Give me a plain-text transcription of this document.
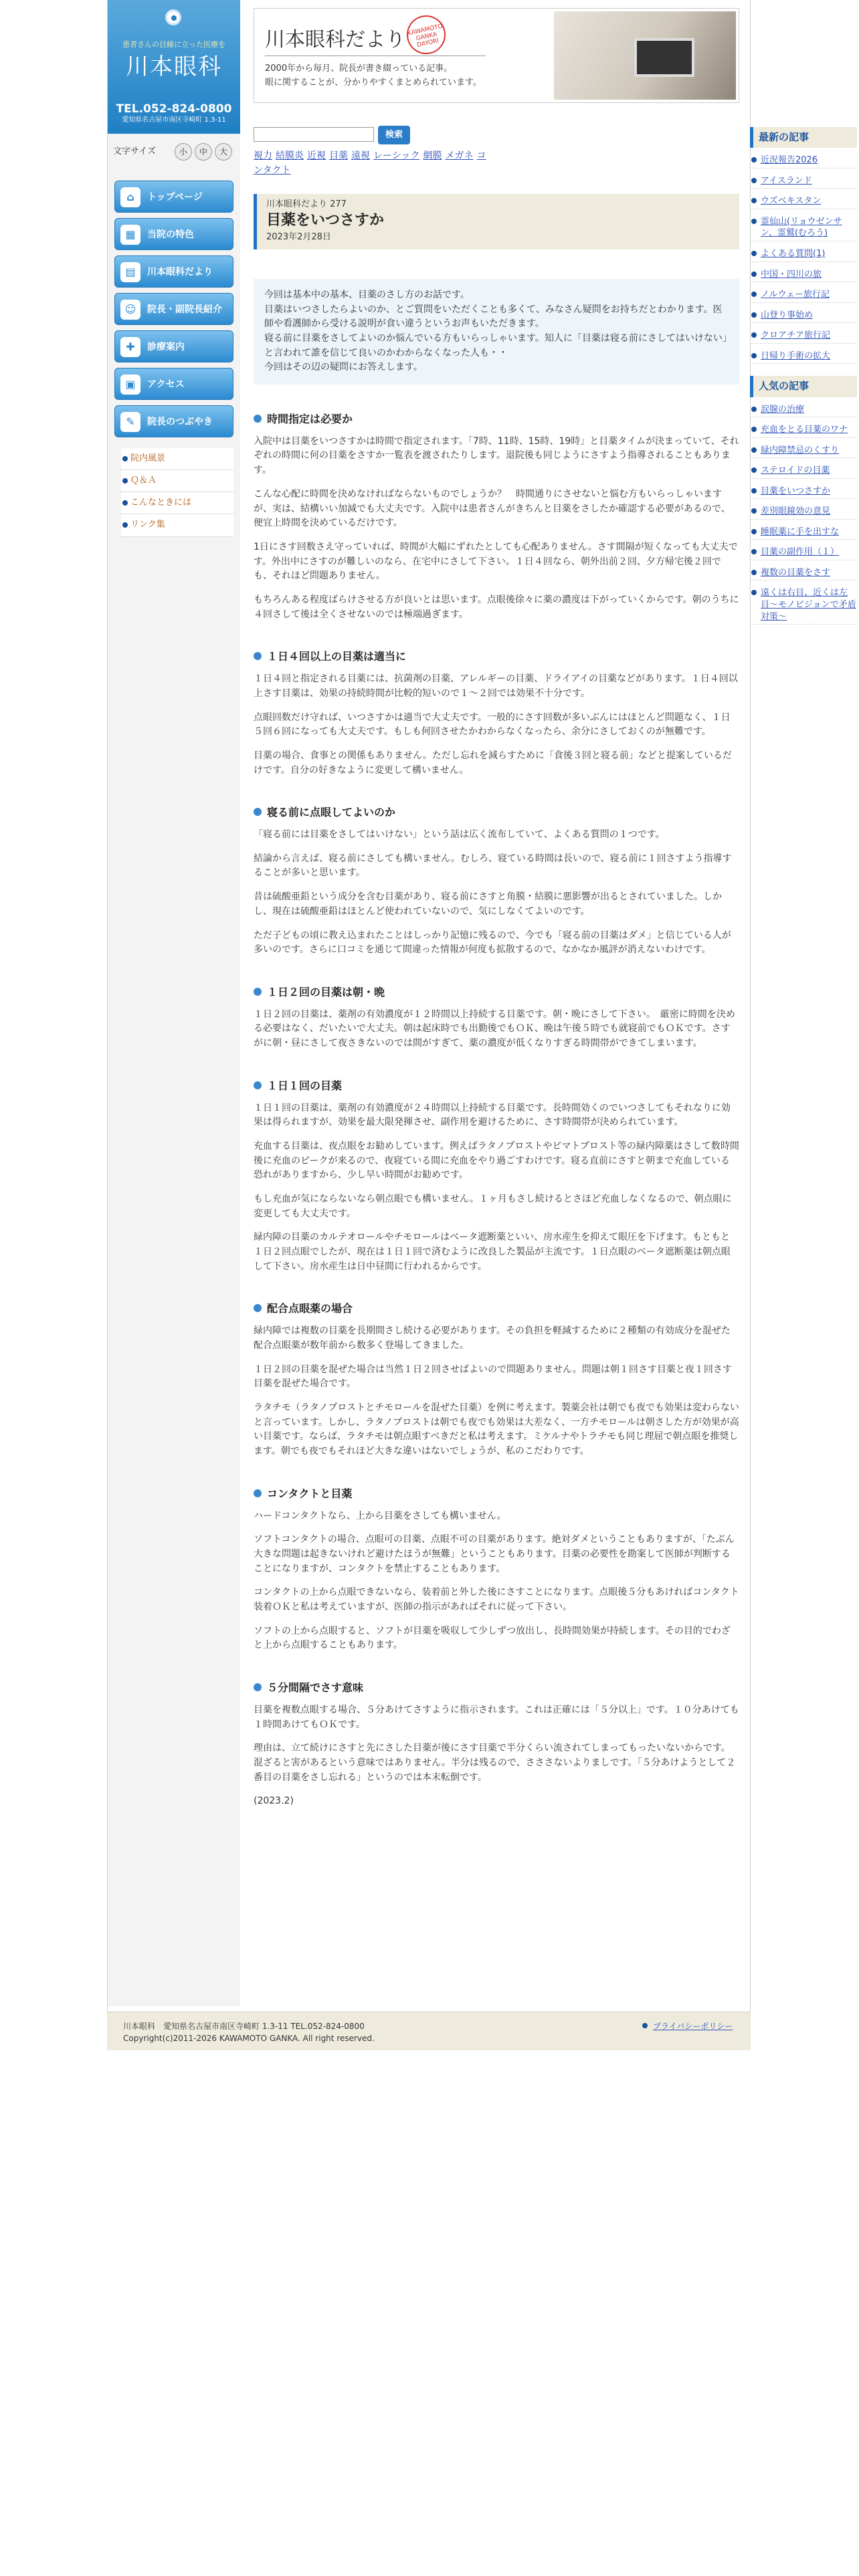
患者さんの目線に立った医療を
川本眼科
TEL.052-824-0800
愛知県名古屋市南区寺崎町 1.3-11
文字サイズ	小	中	大
⌂	トップページ
▦	当院の特色
▤	川本眼科だより
☺	院長・副院長紹介
✚	診療案内
▣	アクセス
✎	院長のつぶやき
院内風景
Ｑ＆Ａ
こんなときには
リンク集
川本眼科だより KAWAMOTO GANKA DAYORI
2000年から毎月、院長が書き綴っている記事。
眼に関することが、分かりやすくまとめられています。
検索
視力 結膜炎 近視 目薬 遠視 レーシック 網膜 メガネ コンタクト
川本眼科だより 277
目薬をいつさすか
2023年2月28日
今回は基本中の基本、目薬のさし方のお話です。
目薬はいつさしたらよいのか、とご質問をいただくことも多くて、みなさん疑問をお持ちだとわかります。医師や看護師から受ける説明が食い違うというお声もいただきます。
寝る前に目薬をさしてよいのか悩んでいる方もいらっしゃいます。知人に「目薬は寝る前にさしてはいけない」と言われて誰を信じて良いのかわからなくなった人も・・
今回はその辺の疑問にお答えします。
時間指定は必要か

入院中は目薬をいつさすかは時間で指定されます。「7時、11時、15時、19時」と目薬タイムが決まっていて、それぞれの時間に何の目薬をさすか一覧表を渡されたりします。退院後も同じようにさすよう指導されることもあります。

こんな心配に時間を決めなければならないものでしょうか？　時間通りにさせないと悩む方もいらっしゃいますが、実は、結構いい加減でも大丈夫です。入院中は患者さんがきちんと目薬をさしたか確認する必要があるので、便宜上時間を決めているだけです。

1日にさす回数さえ守っていれば、時間が大幅にずれたとしても心配ありません。さす間隔が短くなっても大丈夫です。外出中にさすのが難しいのなら、在宅中にさして下さい。１日４回なら、朝外出前２回、夕方帰宅後２回でも、それほど問題ありません。

もちろんある程度ばらけさせる方が良いとは思います。点眼後徐々に薬の濃度は下がっていくからです。朝のうちに４回さして後は全くさせないのでは極端過ぎます。

１日４回以上の目薬は適当に

１日４回と指定される目薬には、抗菌剤の目薬、アレルギーの目薬、ドライアイの目薬などがあります。１日４回以上さす目薬は、効果の持続時間が比較的短いので１～２回では効果不十分です。

点眼回数だけ守れば、いつさすかは適当で大丈夫です。一般的にさす回数が多いぶんにはほとんど問題なく、１日５回６回になっても大丈夫です。もしも何回させたかわからなくなったら、余分にさしておくのが無難です。

目薬の場合、食事との関係もありません。ただし忘れを減らすために「食後３回と寝る前」などと提案しているだけです。自分の好きなように変更して構いません。

寝る前に点眼してよいのか

「寝る前には目薬をさしてはいけない」という話は広く流布していて、よくある質問の１つです。

結論から言えば、寝る前にさしても構いません。むしろ、寝ている時間は長いので、寝る前に１回さすよう指導することが多いと思います。

昔は硫酸亜鉛という成分を含む目薬があり、寝る前にさすと角膜・結膜に悪影響が出るとされていました。しかし、現在は硫酸亜鉛はほとんど使われていないので、気にしなくてよいのです。

ただ子どもの頃に教え込まれたことはしっかり記憶に残るので、今でも「寝る前の目薬はダメ」と信じている人が多いのです。さらに口コミを通じて間違った情報が何度も拡散するので、なかなか風評が消えないわけです。

１日２回の目薬は朝・晩

１日２回の目薬は、薬剤の有効濃度が１２時間以上持続する目薬です。朝・晩にさして下さい。　厳密に時間を決める必要はなく、だいたいで大丈夫。朝は起床時でも出勤後でもＯＫ、晩は午後５時でも就寝前でもＯＫです。さすがに朝・昼にさして夜さきないのでは間がすぎて、薬の濃度が低くなりすぎる時間帯ができてしまいます。

１日１回の目薬

１日１回の目薬は、薬剤の有効濃度が２４時間以上持続する目薬です。長時間効くのでいつさしてもそれなりに効果は得られますが、効果を最大限発揮させ、副作用を避けるために、さす時間帯が決められています。

充血する目薬は、夜点眼をお勧めしています。例えばラタノプロストやビマトプロスト等の緑内障薬はさして数時間後に充血のピークが来るので、夜寝ている間に充血をやり過ごすわけです。寝る直前にさすと朝まで充血している恐れがありますから、少し早い時間がお勧めです。

もし充血が気にならないなら朝点眼でも構いません。１ヶ月もさし続けるとさほど充血しなくなるので、朝点眼に変更しても大丈夫です。

緑内障の目薬のカルテオロールやチモロールはベータ遮断薬といい、房水産生を抑えて眼圧を下げます。もともと１日２回点眼でしたが、現在は１日１回で済むように改良した製品が主流です。１日点眼のベータ遮断薬は朝点眼して下さい。房水産生は日中昼間に行われるからです。

配合点眼薬の場合

緑内障では複数の目薬を長期間さし続ける必要があります。その負担を軽減するために２種類の有効成分を混ぜた配合点眼薬が数年前から数多く登場してきました。

１日２回の目薬を混ぜた場合は当然１日２回させばよいので問題ありません。問題は朝１回さす目薬と夜１回さす目薬を混ぜた場合です。

ラタチモ（ラタノプロストとチモロールを混ぜた目薬）を例に考えます。製薬会社は朝でも夜でも効果は変わらないと言っています。しかし、ラタノプロストは朝でも夜でも効果は大差なく、一方チモロールは朝さした方が効果が高い目薬です。ならば、ラタチモは朝点眼すべきだと私は考えます。ミケルナやトラチモも同じ理屈で朝点眼を推奨します。朝でも夜でもそれほど大きな違いはないでしょうが、私のこだわりです。

コンタクトと目薬

ハードコンタクトなら、上から目薬をさしても構いません。

ソフトコンタクトの場合、点眼可の目薬、点眼不可の目薬があります。絶対ダメということもありますが、「たぶん大きな問題は起きないけれど避けたほうが無難」ということもあります。目薬の必要性を勘案して医師が判断することになりますが、コンタクトを禁止することもあります。

コンタクトの上から点眼できないなら、装着前と外した後にさすことになります。点眼後５分もあければコンタクト装着ＯＫと私は考えていますが、医師の指示があればそれに従って下さい。

ソフトの上から点眼すると、ソフトが目薬を吸収して少しずつ放出し、長時間効果が持続します。その目的でわざと上から点眼することもあります。

５分間隔でさす意味

目薬を複数点眼する場合、５分あけてさすように指示されます。これは正確には「５分以上」です。１０分あけても１時間あけてもＯＫです。

理由は、立て続けにさすと先にさした目薬が後にさす目薬で半分くらい流されてしまってもったいないからです。混ざると害があるという意味ではありません。半分は残るので、さささないよりましです。「５分あけようとして２番目の目薬をさし忘れる」というのでは本末転倒です。

(2023.2)
最新の記事
近況報告2026
アイスランド
ウズベキスタン
霊仙山(リョウゼンサン、霊鷲(むろう)
よくある質問(1)
中国・四川の旅
ノルウェー旅行記
山登り事始め
クロアチア旅行記
日帰り手術の拡大
人気の記事
涙腺の治療
充血をとる目薬のワナ
緑内障禁忌のくすり
ステロイドの目薬
目薬をいつさすか
差別眼鏡効の意見
睡眠薬に手を出すな
目薬の副作用（１）
複数の目薬をさす
遠くは右目、近くは左目〜モノビジョンで矛盾対策〜
川本眼科　愛知県名古屋市南区寺崎町 1.3-11 TEL.052-824-0800
Copyright(c)2011-2026 KAWAMOTO GANKA. All right reserved.
プライバシーポリシー
